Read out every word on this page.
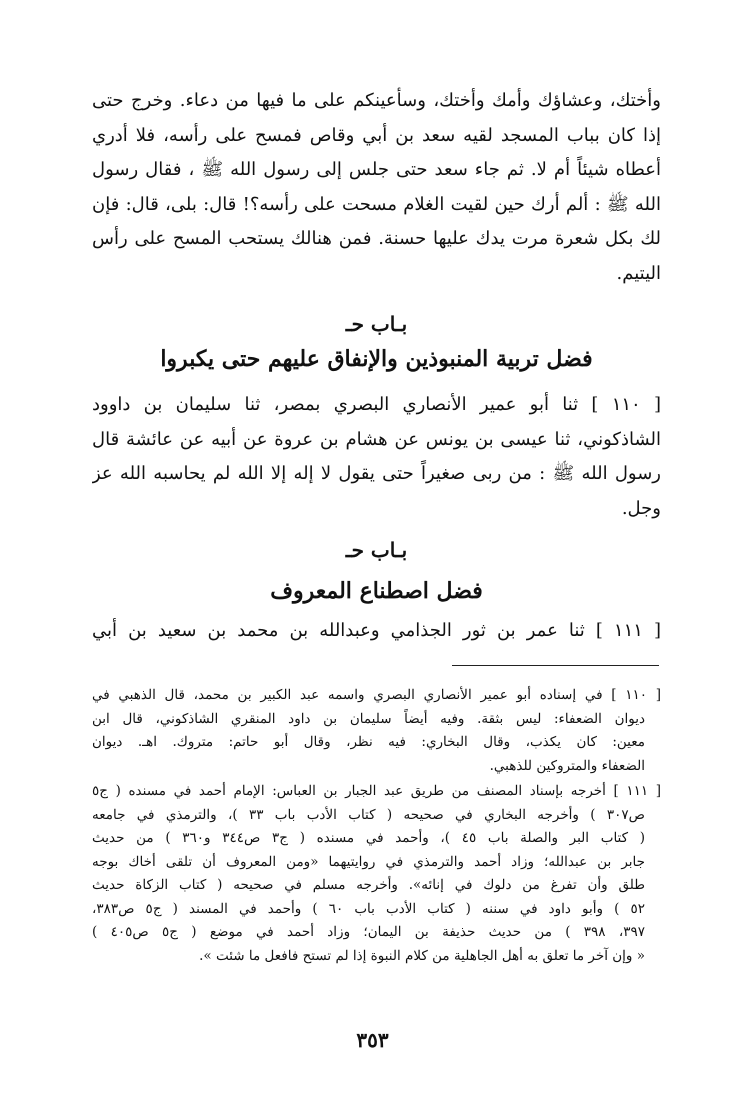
وأختك، وعشاؤك وأمك وأختك، وسأعينكم على ما فيها من دعاء. وخرج حتى
إذا كان بباب المسجد لقيه سعد بن أبي وقاص فمسح على رأسه، فلا أدري
أعطاه شيئاً أم لا. ثم جاء سعد حتى جلس إلى رسول الله ﷺ ، فقال رسول
الله ﷺ : ألم أرك حين لقيت الغلام مسحت على رأسه؟! قال: بلى، قال: فإن
لك بكل شعرة مرت يدك عليها حسنة. فمن هنالك يستحب المسح على رأس
اليتيم.
بـاب حـ
فضل تربية المنبوذين والإنفاق عليهم حتى يكبروا
[ ١١٠ ] ثنا أبو عمير الأنصاري البصري بمصر، ثنا سليمان بن داوود
الشاذكوني، ثنا عيسى بن يونس عن هشام بن عروة عن أبيه عن عائشة قال
رسول الله ﷺ : من ربى صغيراً حتى يقول لا إله إلا الله لم يحاسبه الله عز
وجل.
بـاب حـ
فضل اصطناع المعروف
[ ١١١ ] ثنا عمر بن ثور الجذامي وعبدالله بن محمد بن سعيد بن أبي
[ ١١٠ ] في إسناده أبو عمير الأنصاري البصري واسمه عبد الكبير بن محمد، قال الذهبي في
ديوان الضعفاء: ليس بثقة. وفيه أيضاً سليمان بن داود المنقري الشاذكوني، قال ابن
معين: كان يكذب، وقال البخاري: فيه نظر، وقال أبو حاتم: متروك. اهـ. ديوان
الضعفاء والمتروكين للذهبي.
[ ١١١ ] أخرجه بإسناد المصنف من طريق عبد الجبار بن العباس: الإمام أحمد في مسنده ( ج٥
ص٣٠٧ ) وأخرجه البخاري في صحيحه ( كتاب الأدب باب ٣٣ )، والترمذي في جامعه
( كتاب البر والصلة باب ٤٥ )، وأحمد في مسنده ( ج٣ ص٣٤٤ و٣٦٠ ) من حديث
جابر بن عبدالله؛ وزاد أحمد والترمذي في روايتيهما «ومن المعروف أن تلقى أخاك بوجه
طلق وأن تفرغ من دلوك في إنائه». وأخرجه مسلم في صحيحه ( كتاب الزكاة حديث
٥٢ ) وأبو داود في سننه ( كتاب الأدب باب ٦٠ ) وأحمد في المسند ( ج٥ ص٣٨٣،
٣٩٧، ٣٩٨ ) من حديث حذيفة بن اليمان؛ وزاد أحمد في موضع ( ج٥ ص٤٠٥ )
« وإن آخر ما تعلق به أهل الجاهلية من كلام النبوة إذا لم تستح فافعل ما شئت ».
٣٥٣
